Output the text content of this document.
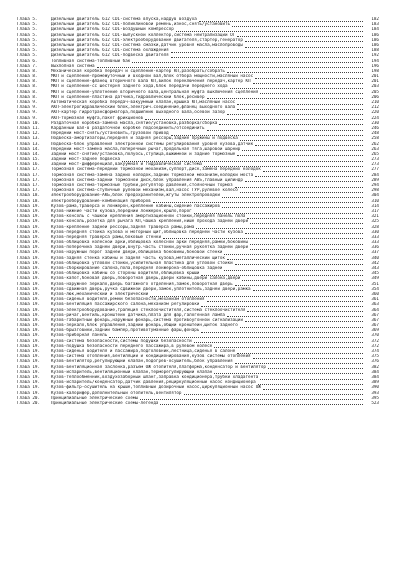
Глава 5.	Дизельный двигатель 612 CDI-система впуска,наддув воздуха	182
Глава 5.	Дизельный двигатель 612 CDI-поликлиновой ремень,износ,снять/установить	183
Глава 5.	Дизельный двигатель 612 CDI-воздушный компрессор	184
Глава 5.	Дизельный двигатель 612 CDI-выпускной коллектор,система нейтрализации ОГ	186
Глава 5.	Дизельный двигатель 612 CDI-электрооборудование двигателя,стартер,генератор	186
Глава 5.	Дизельный двигатель 612 CDI-система смазки,датчик уровня масла,маслопроводы	186
Глава 5.	Дизельный двигатель 612 CDI-система охлаждения	188
Глава 5.	Дизельный двигатель 612 CDI-подвеска двигателя	192
Глава 6.	Топливная система-топливный бак	194
Глава 7.	Выхлопная система	196
Глава 8.	Механическая коробка передач и сцепление-картер КП,разобрать/собрать	198
Глава 8.	МКП и сцепление-промежуточный и входной вал,блок отбора мощности,масляный насос	201
Глава 8.	МКП и сцепление-фланец вторичного вала КП,вилок переключения передач,картер КП	201
Глава 8.	МКП и сцепление-сс шестерня заднего хода,блок передачи переднего хода	203
Глава 8.	МКП и сцепление-уплотнение вторичного вала,центральная муфта выключения сцепления	205
Глава 8.	МКП и сцепление-пластина датчика,гидравлический блок,ресивер	206
Глава 9.	Автоматическая коробка передач-вакуумный клапан,крышка КП,масляный насос	210
Глава 9.	АКП-электрогидравлический блок,электрич.соединение,фланец выходного вала	212
Глава 9.	АКП-картер гидротрансформатора,подшипник выходного вала,осевой зазор	220
Глава 9.	АКП-тормозная муфта,пакет фрикционов	224
Глава 10.	Раздаточная коробка-замена масла,снятие/установка,разборка/сборка	230
Глава 11.	Карданный вал-в раздаточной коробке подсоединить/отсоединить	246
Глава 12.	Передний мост-снять/установить,грузовой привод	248
Глава 13.	Подвеска-амортизаторы,передняя и задняя рессоры,задние пружины и подвеска	258
Глава 13.	Подвеска-блок управления электронной системы регулирования уровня кузова,датчик	262
Глава 14.	Передний мост-замена масла,поперечный рычаг,продольная тяга,шаровой шарнир	263
Глава 14.	Задний мост-снятие/установка,полуось,ступица,выжимной и задние тормозные	265
Глава 15.	Задний мост-заднее подвеска	273
Глава 16.	Задний мост-дифференциал,вакуумная и гидравлическая система	273
Глава 17.	Тормозная система-передний тормозной механизм,суппорт,диск,замена передних колодок	277
Глава 17.	Тормозная система-замена задних колодок,задний тормозной механизм,колодки моста	284
Глава 17.	Тормозная система-задний тормозной диск,блок управления ABS,главный цилиндр	289
Глава 17.	Тормозная система-тормозные трубки,регулятор давления,стояночный тормоз	294
Глава 17.	Тормозная система-ступичные рулевой механизм,вал,насос ГУР,рулевое колесо	298
Глава 18.	Электрооборудование-АКБ,блок предохранителей,жгуты электропроводки	304
Глава 18.	Электрооборудование-комбинация приборов	310
Глава 19.	Кузов-рама,траверса и лонжерон,крепление кабины,сидение пассажиров	314
Глава 19.	Кузов-нижние части кузова,передний лонжерон,крыло,порог	317
Глава 19.	Кузов-консоль с чашкой крепления амортизационной стойки,передняя панель пола	321
Глава 19.	Кузов-консоль,розетка для рычага КП,чашка крепления,нише прохода задней двери	325
Глава 19.	Кузов-крепление задней рессоры,задняя траверса рамы,рама	328
Глава 19.	Кузов-передняя стойка кузова и моторный щит,облицовка передней части кузова	330
Глава 19.	Кузов-передняя траверса рамы,боковые стенки	333
Глава 19.	Кузов-облицовка колёсной арки,облицовка колёсной арки передняя,рамки,боковины	333
Глава 19.	Кузов-поперечина задней двери,внутр.часть стойки,ручная рукоятка задней двери	336
Глава 19.	Кузов-наружный порог задней двери,облицовка боковины,боковой стенки	337
Глава 19.	Кузов-задняя стенка кабины и задняя часть кузова,металлический щиток	340
Глава 19.	Кузов-облицовка угловой стойки,усилительная пластина для угловой стойки	342
Глава 19.	Кузов-сборкирование салона,пола,передняя лонжерона-облицовка задней	343
Глава 19.	Кузов-облицовка кабины со стороны водителя,облицовка крыши	345
Глава 19.	Кузов-капот,боковая дверь,поворотная дверь,двери кабины,двери салона,двери	349
Глава 19.	Кузов-наружное зеркало,дверь багажного отделения,замок,поворотная дверь	351
Глава 19.	Кузов-сдвижная дверь,ручка сдвижной двери,замок,уплотнитель,задней двери,рамка	354
Глава 19.	Кузов-люк,механический и электрический	360
Глава 19.	Кузов-сиденья водителя,ремни безопасности,механизм отопления	361
Глава 19.	Кузов-вентиляция пассажирского салона,механизм регулировки	363
Глава 19.	Кузов-электрооборудование,трапеция стеклоочистителя,система стеклоочистителя	364
Глава 19.	Кузов-ричаг,вентиль,кронштейн датчика,плата для фар,галогенная лампа	367
Глава 19.	Кузов-габаритный фонарь,наружный фонарь,система противоугонной сигнализации	367
Глава 19.	Кузов-зеркало,блок управления,задний фонарь,общий кронштейн,щиток заднего	367
Глава 19.	Кузов-брызговики,задний бампер,противотуманные фары,фонарь	369
Глава 19.	Кузов-приборная панель	370
Глава 19.	Кузов-система безопасности,системы подушки безопасности	372
Глава 19.	Кузов-подушка безопасности переднего пассажира,в рулевом колесе	372
Глава 19.	Кузов-сиденья водителя и пассажира,подголовник,лестница,сиденья в салоне	374
Глава 19.	Кузов-система отопления,вентиляции и кондиционирования,кузов системы отопления	375
Глава 19.	Кузов-вентилятор,регулирующий клапан,подогрев-осушитель,блок управления	376
Глава 19.	Кузов-вентиляционная заслонка,разъем ОЖ отопителя,платформа,конденсатор и вентилятор	382
Глава 19.	Кузов-испаритель,вентиляционный клапан,терморегулирующий клапан	384
Глава 19.	Кузов-теплообменник,воздухозаборный шланг,заправка кондиционера,трубки хладагента	384
Глава 19.	Кузов-испаритель/конденсатор,датчик давления,рециркуляционный насос кондиционера	389
Глава 19.	Кузов-фильтр-осушитель на крыше,топливный дозирочный насос,циркуляционный насос ОЖ	390
Глава 19.	Кузов-калорифер,дополнительный отопитель,вентилятор	393
Глава 20.	Принципиальные электрические схемы	395
Глава 20.	Принципиальные электрические схемы-легенда	523
